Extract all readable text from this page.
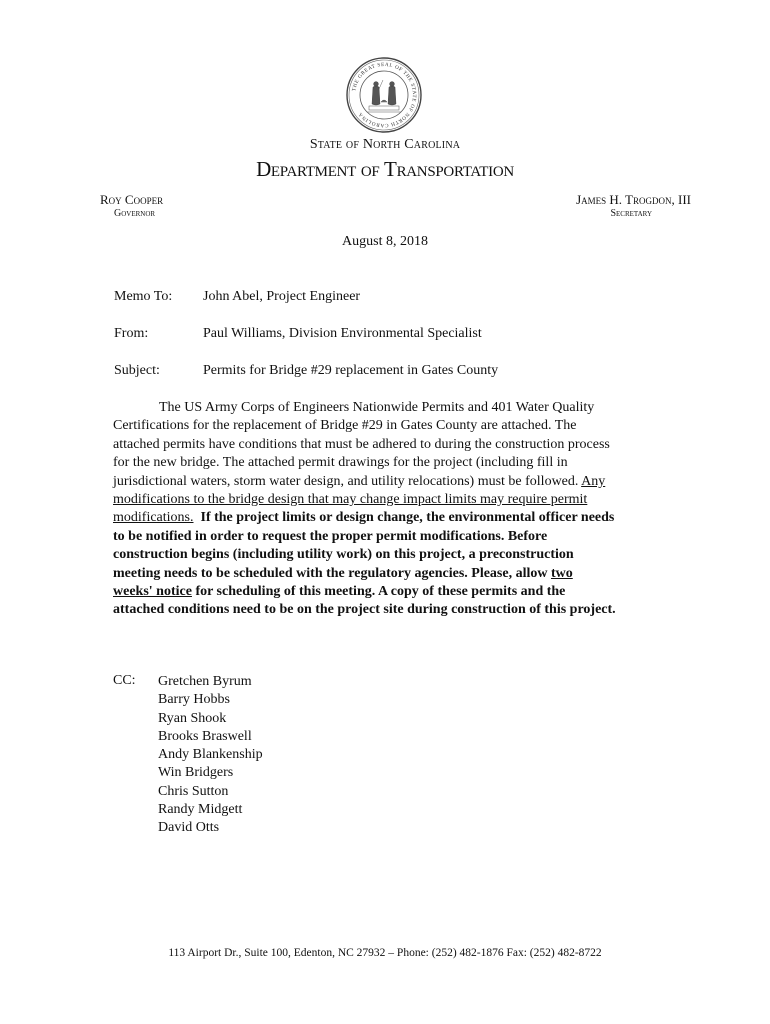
THE GREAT SEAL OF THE STATE OF NORTH CAROLINA
State of North Carolina
Department of Transportation
Roy Cooper
Governor
James H. Trogdon, III
Secretary
August 8, 2018
Memo To: John Abel, Project Engineer
From:	Paul Williams, Division Environmental Specialist
Subject:	Permits for Bridge #29 replacement in Gates County
The US Army Corps of Engineers Nationwide Permits and 401 Water Quality
Certifications for the replacement of Bridge #29 in Gates County are attached. The
attached permits have conditions that must be adhered to during the construction process
for the new bridge. The attached permit drawings for the project (including fill in
jurisdictional waters, storm water design, and utility relocations) must be followed. Any
modifications to the bridge design that may change impact limits may require permit
modifications. If the project limits or design change, the environmental officer needs
to be notified in order to request the proper permit modifications. Before
construction begins (including utility work) on this project, a preconstruction
meeting needs to be scheduled with the regulatory agencies. Please, allow two
weeks' notice for scheduling of this meeting. A copy of these permits and the
attached conditions need to be on the project site during construction of this project.
CC: Gretchen Byrum
Barry Hobbs
Ryan Shook
Brooks Braswell
Andy Blankenship
Win Bridgers
Chris Sutton
Randy Midgett
David Otts
113 Airport Dr., Suite 100, Edenton, NC 27932 – Phone: (252) 482-1876 Fax: (252) 482-8722
